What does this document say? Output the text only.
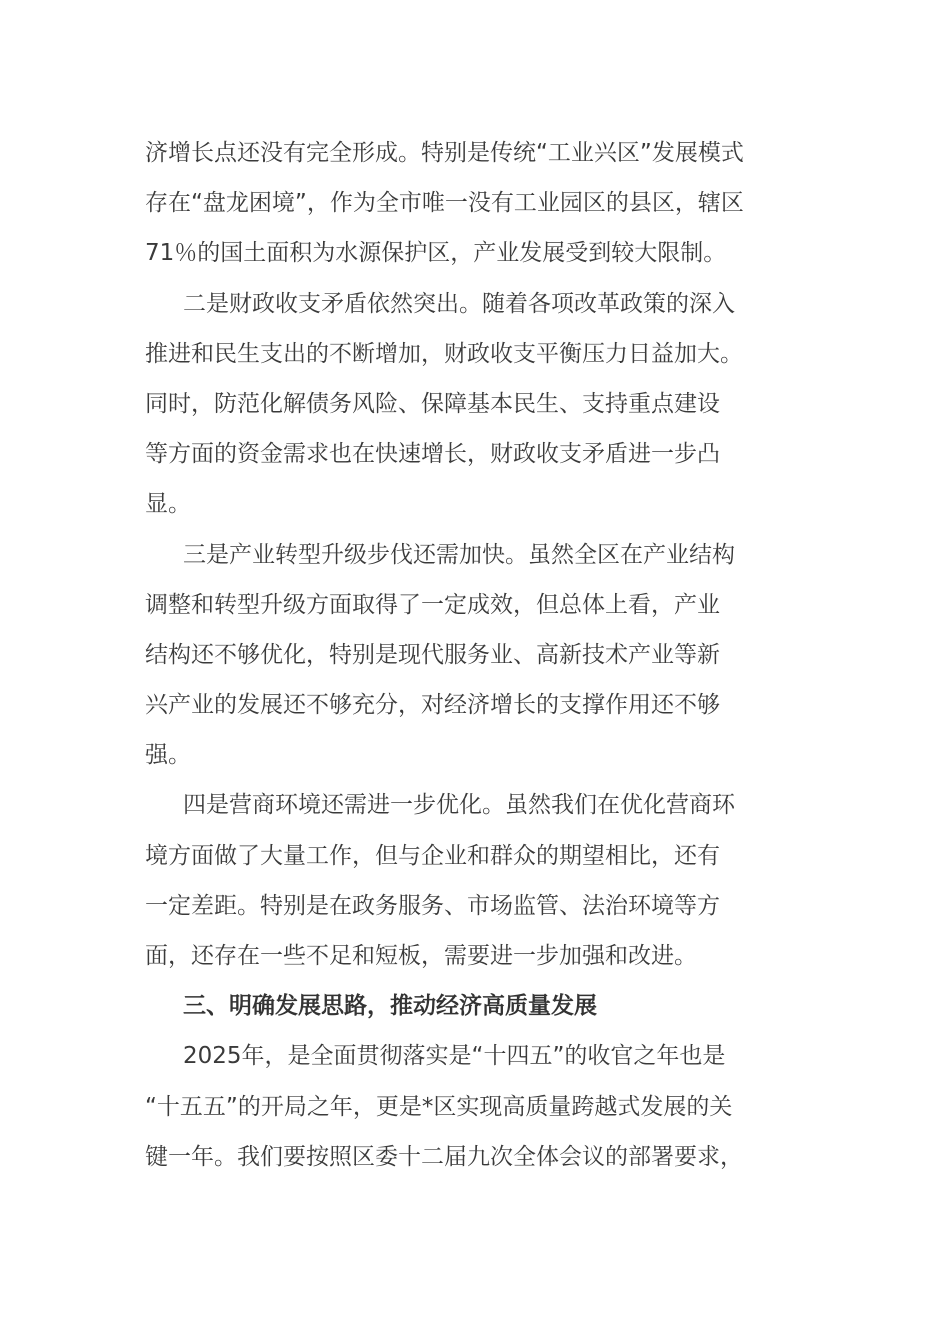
济增长点还没有完全形成。特别是传统“工业兴区”发展模式
存在“盘龙困境”，作为全市唯一没有工业园区的县区，辖区
71％的国土面积为水源保护区，产业发展受到较大限制。
二是财政收支矛盾依然突出。随着各项改革政策的深入
推进和民生支出的不断增加，财政收支平衡压力日益加大。
同时，防范化解债务风险、保障基本民生、支持重点建设
等方面的资金需求也在快速增长，财政收支矛盾进一步凸
显。
三是产业转型升级步伐还需加快。虽然全区在产业结构
调整和转型升级方面取得了一定成效，但总体上看，产业
结构还不够优化，特别是现代服务业、高新技术产业等新
兴产业的发展还不够充分，对经济增长的支撑作用还不够
强。
四是营商环境还需进一步优化。虽然我们在优化营商环
境方面做了大量工作，但与企业和群众的期望相比，还有
一定差距。特别是在政务服务、市场监管、法治环境等方
面，还存在一些不足和短板，需要进一步加强和改进。
三、明确发展思路，推动经济高质量发展
2025年，是全面贯彻落实是“十四五”的收官之年也是
“十五五”的开局之年，更是*区实现高质量跨越式发展的关
键一年。我们要按照区委十二届九次全体会议的部署要求，
